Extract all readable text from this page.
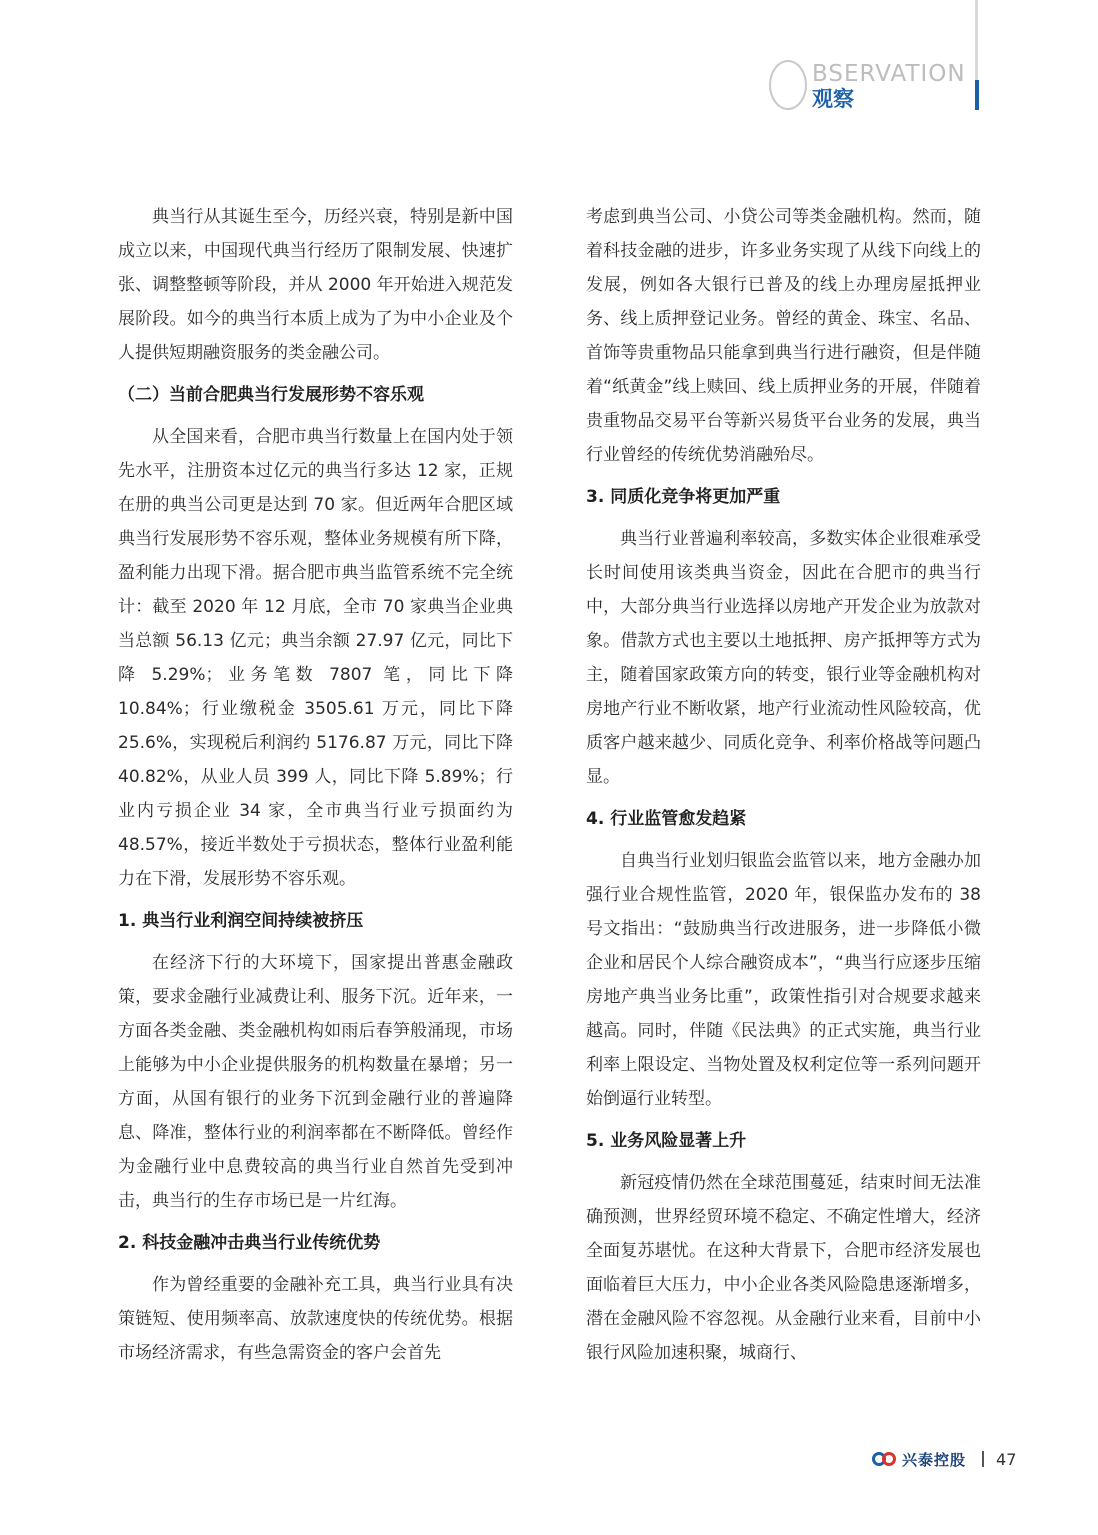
BSERVATION
观察

典当行从其诞生至今，历经兴衰，特别是新中国成立以来，中国现代典当行经历了限制发展、快速扩张、调整整顿等阶段，并从 2000 年开始进入规范发展阶段。如今的典当行本质上成为了为中小企业及个人提供短期融资服务的类金融公司。

（二）当前合肥典当行发展形势不容乐观

从全国来看，合肥市典当行数量上在国内处于领先水平，注册资本过亿元的典当行多达 12 家，正规在册的典当公司更是达到 70 家。但近两年合肥区域典当行发展形势不容乐观，整体业务规模有所下降，盈利能力出现下滑。据合肥市典当监管系统不完全统计：截至 2020 年 12 月底，全市 70 家典当企业典当总额 56.13 亿元；典当余额 27.97 亿元，同比下降 5.29%；业务笔数 7807 笔，同比下降 10.84%；行业缴税金 3505.61 万元，同比下降 25.6%，实现税后利润约 5176.87 万元，同比下降 40.82%，从业人员 399 人，同比下降 5.89%；行业内亏损企业 34 家，全市典当行业亏损面约为 48.57%，接近半数处于亏损状态，整体行业盈利能力在下滑，发展形势不容乐观。

1. 典当行业利润空间持续被挤压

在经济下行的大环境下，国家提出普惠金融政策，要求金融行业减费让利、服务下沉。近年来，一方面各类金融、类金融机构如雨后春笋般涌现，市场上能够为中小企业提供服务的机构数量在暴增；另一方面，从国有银行的业务下沉到金融行业的普遍降息、降准，整体行业的利润率都在不断降低。曾经作为金融行业中息费较高的典当行业自然首先受到冲击，典当行的生存市场已是一片红海。

2. 科技金融冲击典当行业传统优势

作为曾经重要的金融补充工具，典当行业具有决策链短、使用频率高、放款速度快的传统优势。根据市场经济需求，有些急需资金的客户会首先

考虑到典当公司、小贷公司等类金融机构。然而，随着科技金融的进步，许多业务实现了从线下向线上的发展，例如各大银行已普及的线上办理房屋抵押业务、线上质押登记业务。曾经的黄金、珠宝、名品、首饰等贵重物品只能拿到典当行进行融资，但是伴随着“纸黄金”线上赎回、线上质押业务的开展，伴随着贵重物品交易平台等新兴易货平台业务的发展，典当行业曾经的传统优势消融殆尽。

3. 同质化竞争将更加严重

典当行业普遍利率较高，多数实体企业很难承受长时间使用该类典当资金，因此在合肥市的典当行中，大部分典当行业选择以房地产开发企业为放款对象。借款方式也主要以土地抵押、房产抵押等方式为主，随着国家政策方向的转变，银行业等金融机构对房地产行业不断收紧，地产行业流动性风险较高，优质客户越来越少、同质化竞争、利率价格战等问题凸显。

4. 行业监管愈发趋紧

自典当行业划归银监会监管以来，地方金融办加强行业合规性监管，2020 年，银保监办发布的 38 号文指出：“鼓励典当行改进服务，进一步降低小微企业和居民个人综合融资成本”，“典当行应逐步压缩房地产典当业务比重”，政策性指引对合规要求越来越高。同时，伴随《民法典》的正式实施，典当行业利率上限设定、当物处置及权利定位等一系列问题开始倒逼行业转型。

5. 业务风险显著上升

新冠疫情仍然在全球范围蔓延，结束时间无法准确预测，世界经贸环境不稳定、不确定性增大，经济全面复苏堪忧。在这种大背景下，合肥市经济发展也面临着巨大压力，中小企业各类风险隐患逐渐增多，潜在金融风险不容忽视。从金融行业来看，目前中小银行风险加速积聚，城商行、

兴泰控股 47
